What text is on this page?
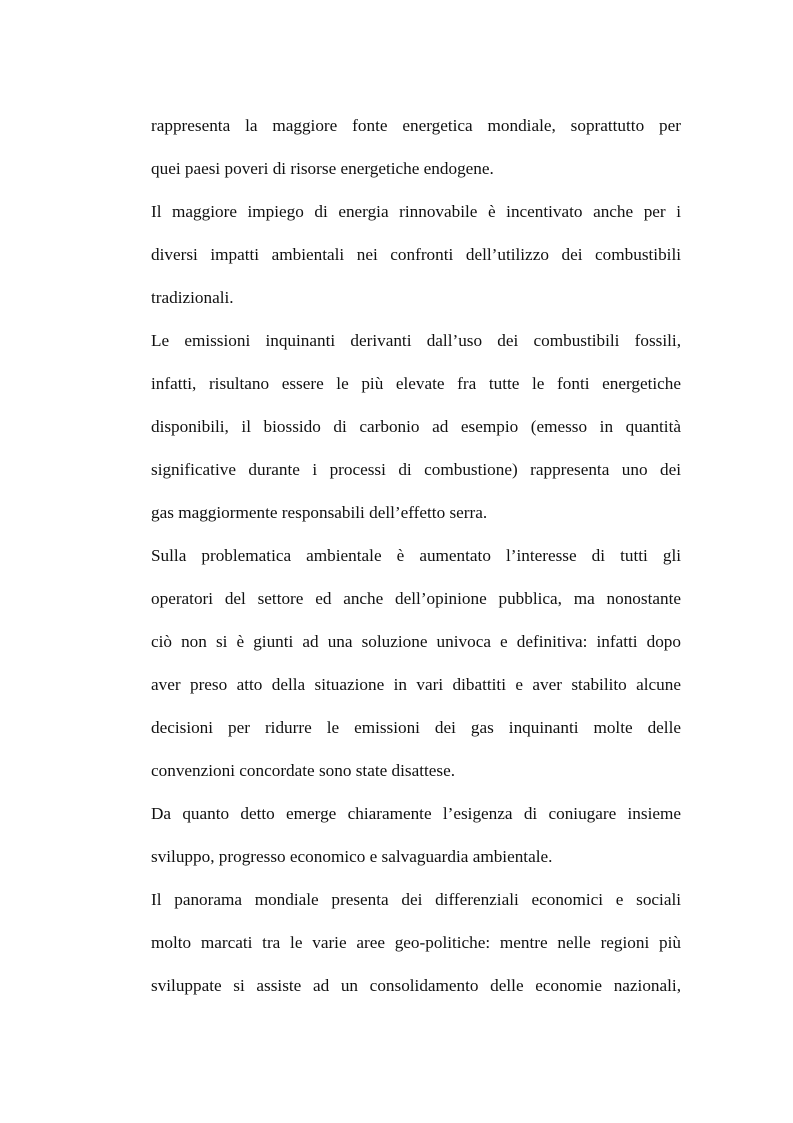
rappresenta la maggiore fonte energetica mondiale, soprattutto per
quei paesi poveri di risorse energetiche endogene.
Il maggiore impiego di energia rinnovabile è incentivato anche per i
diversi impatti ambientali nei confronti dell’utilizzo dei combustibili
tradizionali.
Le emissioni inquinanti derivanti dall’uso dei combustibili fossili,
infatti, risultano essere le più elevate fra tutte le fonti energetiche
disponibili, il biossido di carbonio ad esempio (emesso in quantità
significative durante i processi di combustione) rappresenta uno dei
gas maggiormente responsabili dell’effetto serra.
Sulla problematica ambientale è aumentato l’interesse di tutti gli
operatori del settore ed anche dell’opinione pubblica, ma nonostante
ciò non si è giunti ad una soluzione univoca e definitiva: infatti dopo
aver preso atto della situazione in vari dibattiti e aver stabilito alcune
decisioni per ridurre le emissioni dei gas inquinanti molte delle
convenzioni concordate sono state disattese.
Da quanto detto emerge chiaramente l’esigenza di coniugare insieme
sviluppo, progresso economico e salvaguardia ambientale.
Il panorama mondiale presenta dei differenziali economici e sociali
molto marcati tra le varie aree geo-politiche: mentre nelle regioni più
sviluppate si assiste ad un consolidamento delle economie nazionali,
